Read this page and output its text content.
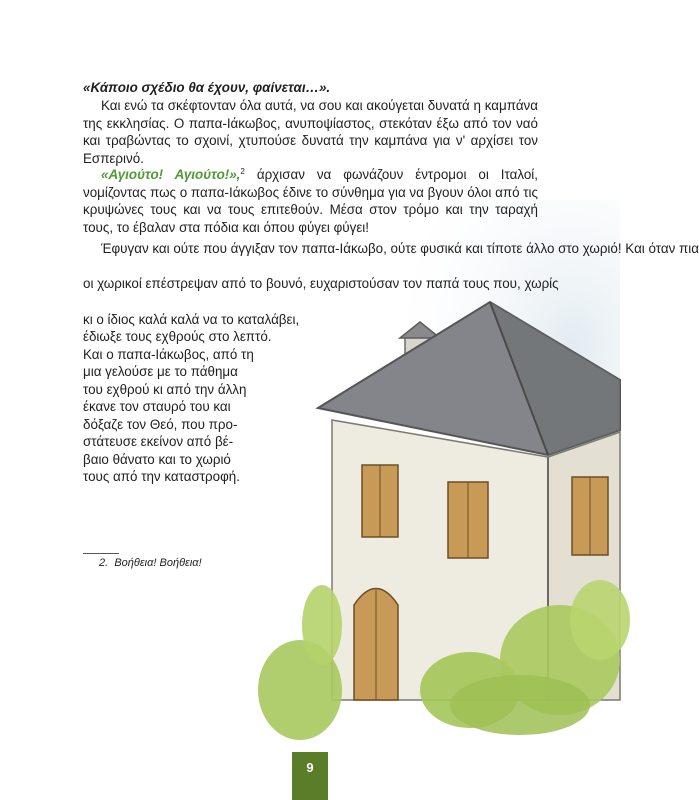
«Κάποιο σχέδιο θα έχουν, φαίνεται…».
Και ενώ τα σκέφτονταν όλα αυτά, να σου και ακούγεται δυνατά η καμπάνα της εκκλησίας. Ο παπα-Ιάκωβος, ανυποψίαστος, στεκόταν έξω από τον ναό και τραβώντας το σχοινί, χτυπούσε δυνατά την καμπάνα για ν' αρχίσει τον Εσπερινό.
«Αγιούτο! Αγιούτο!»,$^2$ άρχισαν να φωνάζουν έντρομοι οι Ιταλοί, νομίζοντας πως ο παπα-Ιάκωβος έδινε το σύνθημα για να βγουν όλοι από τις κρυψώνες τους και να τους επιτεθούν. Μέσα στον τρόμο και την ταραχή τους, το έβαλαν στα πόδια και όπου φύγει φύγει!
Έφυγαν και ούτε που άγγιξαν τον παπα-Ιάκωβο, ούτε φυσικά και τίποτε άλλο στο χωριό! Και όταν πια
οι χωρικοί επέστρεψαν από το βουνό, ευχαριστούσαν τον παπά τους που, χωρίς
κι ο ίδιος καλά καλά να το καταλάβει,
έδιωξε τους εχθρούς στο λεπτό.
Και ο παπα-Ιάκωβος, από τη
μια γελούσε με το πάθημα
του εχθρού κι από την άλλη
έκανε τον σταυρό του και
δόξαζε τον Θεό, που προ-
στάτευσε εκείνον από βέ-
βαιο θάνατο και το χωριό
τους από την καταστροφή.
2. Βοήθεια! Βοήθεια!
9
